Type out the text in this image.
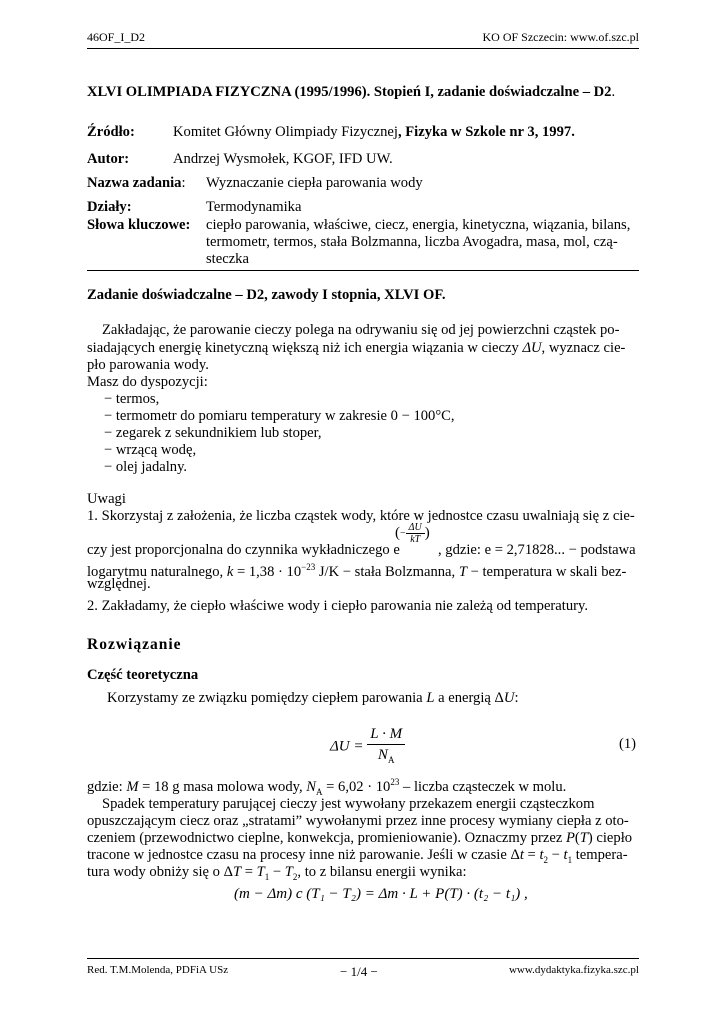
46OF_I_D2	KO OF Szczecin: www.of.szc.pl
XLVI OLIMPIADA FIZYCZNA (1995/1996). Stopień I, zadanie doświadczalne – D2.
Źródło:	Komitet Główny Olimpiady Fizycznej, Fizyka w Szkole nr 3, 1997.
Autor:	Andrzej Wysmołek, KGOF, IFD UW.
Nazwa zadania: Wyznaczanie ciepła parowania wody
Działy:	Termodynamika
Słowa kluczowe: ciepło parowania, właściwe, ciecz, energia, kinetyczna, wiązania, bilans,
termometr, termos, stała Bolzmanna, liczba Avogadra, masa, mol, czą-
steczka
Zadanie doświadczalne – D2, zawody I stopnia, XLVI OF.
Zakładając, że parowanie cieczy polega na odrywaniu się od jej powierzchni cząstek po-
siadających energię kinetyczną większą niż ich energia wiązania w cieczy ΔU, wyznacz cie-
pło parowania wody.
Masz do dyspozycji:
− termos,
− termometr do pomiaru temperatury w zakresie 0 − 100°C,
− zegarek z sekundnikiem lub stoper,
− wrzącą wodę,
− olej jadalny.
Uwagi
1. Skorzystaj z założenia, że liczba cząstek wody, które w jednostce czasu uwalniają się z cie-
czy jest proporcjonalna do czynnika wykładniczego e
(− $\frac{\Delta U}{kT}$ )
, gdzie: e = 2,71828... − podstawa
logarytmu naturalnego, $k = 1,38 \cdot 10^{-23}$ J/K − stała Bolzmanna, T − temperatura w skali bez-
względnej.
2. Zakładamy, że ciepło właściwe wody i ciepło parowania nie zależą od temperatury.
Rozwiązanie
Część teoretyczna
Korzystamy ze związku pomiędzy ciepłem parowania L a energią ΔU:
$\Delta U = \frac{L \cdot M}{N_A}$	(1)
gdzie: M = 18 g masa molowa wody, $N_A = 6,02 \cdot 10^{23}$ – liczba cząsteczek w molu.
Spadek temperatury parującej cieczy jest wywołany przekazem energii cząsteczkom
opuszczającym ciecz oraz „stratami” wywołanymi przez inne procesy wymiany ciepła z oto-
czeniem (przewodnictwo cieplne, konwekcja, promieniowanie). Oznaczmy przez P(T) ciepło
tracone w jednostce czasu na procesy inne niż parowanie. Jeśli w czasie $\Delta t = t_2 - t_1$ tempera-
tura wody obniży się o $\Delta T = T_1 - T_2$, to z bilansu energii wynika:
(m − Δm) c (T₁ − T₂) = Δm · L + P(T) · (t₂ − t₁) ,
Red. T.M.Molenda, PDFiA USz	− 1/4 −	www.dydaktyka.fizyka.szc.pl
